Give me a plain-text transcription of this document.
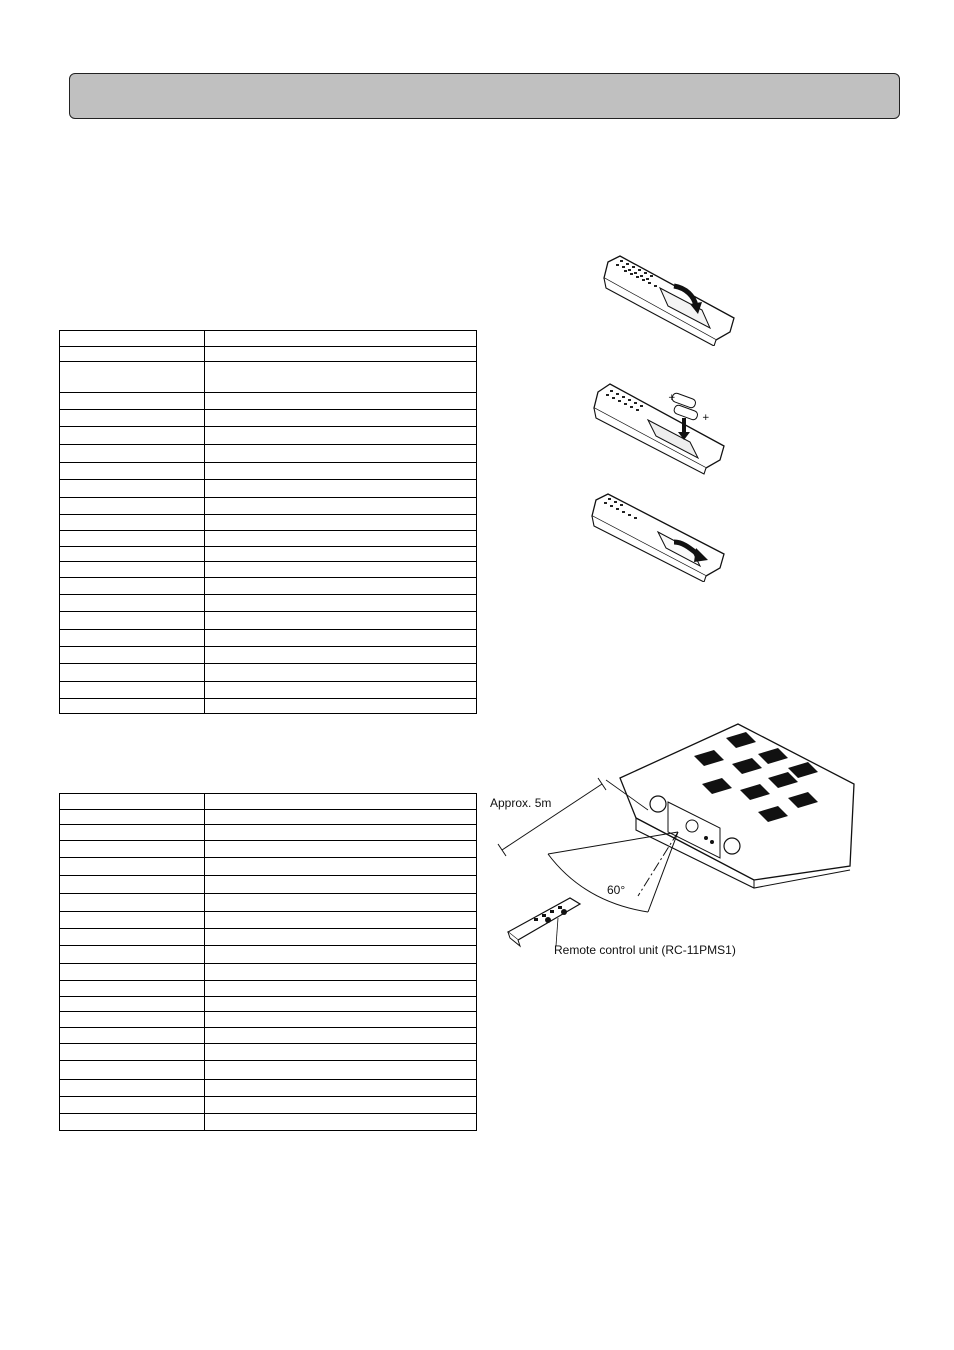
+
+
Approx. 5m
60°
Remote control unit (RC-11PMS1)
